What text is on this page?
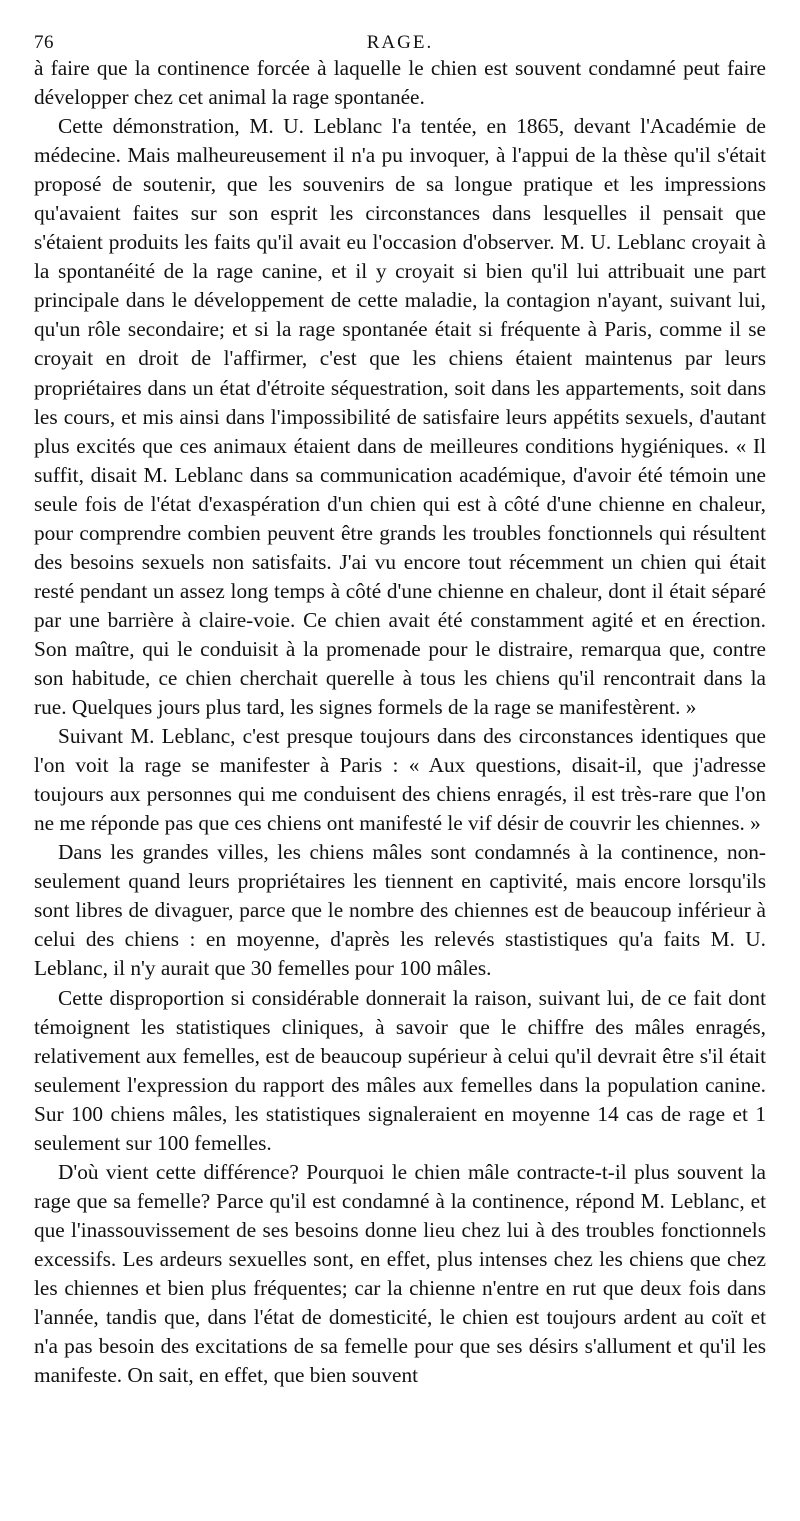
76	RAGE.

à faire que la continence forcée à laquelle le chien est souvent condamné peut faire développer chez cet animal la rage spontanée.

Cette démonstration, M. U. Leblanc l'a tentée, en 1865, devant l'Académie de médecine. Mais malheureusement il n'a pu invoquer, à l'appui de la thèse qu'il s'était proposé de soutenir, que les souvenirs de sa longue pratique et les impressions qu'avaient faites sur son esprit les circonstances dans lesquelles il pensait que s'étaient produits les faits qu'il avait eu l'occasion d'observer. M. U. Leblanc croyait à la spontanéité de la rage canine, et il y croyait si bien qu'il lui attribuait une part principale dans le développement de cette maladie, la contagion n'ayant, suivant lui, qu'un rôle secondaire; et si la rage spontanée était si fréquente à Paris, comme il se croyait en droit de l'affirmer, c'est que les chiens étaient maintenus par leurs propriétaires dans un état d'étroite séquestration, soit dans les appartements, soit dans les cours, et mis ainsi dans l'impossibilité de satisfaire leurs appétits sexuels, d'autant plus excités que ces animaux étaient dans de meilleures conditions hygiéniques. « Il suffit, disait M. Leblanc dans sa communication académique, d'avoir été témoin une seule fois de l'état d'exaspération d'un chien qui est à côté d'une chienne en chaleur, pour comprendre combien peuvent être grands les troubles fonctionnels qui résultent des besoins sexuels non satisfaits. J'ai vu encore tout récemment un chien qui était resté pendant un assez long temps à côté d'une chienne en chaleur, dont il était séparé par une barrière à claire-voie. Ce chien avait été constamment agité et en érection. Son maître, qui le conduisit à la promenade pour le distraire, remarqua que, contre son habitude, ce chien cherchait querelle à tous les chiens qu'il rencontrait dans la rue. Quelques jours plus tard, les signes formels de la rage se manifestèrent. »

Suivant M. Leblanc, c'est presque toujours dans des circonstances identiques que l'on voit la rage se manifester à Paris : « Aux questions, disait-il, que j'adresse toujours aux personnes qui me conduisent des chiens enragés, il est très-rare que l'on ne me réponde pas que ces chiens ont manifesté le vif désir de couvrir les chiennes. »

Dans les grandes villes, les chiens mâles sont condamnés à la continence, non-seulement quand leurs propriétaires les tiennent en captivité, mais encore lorsqu'ils sont libres de divaguer, parce que le nombre des chiennes est de beaucoup inférieur à celui des chiens : en moyenne, d'après les relevés stastistiques qu'a faits M. U. Leblanc, il n'y aurait que 30 femelles pour 100 mâles.

Cette disproportion si considérable donnerait la raison, suivant lui, de ce fait dont témoignent les statistiques cliniques, à savoir que le chiffre des mâles enragés, relativement aux femelles, est de beaucoup supérieur à celui qu'il devrait être s'il était seulement l'expression du rapport des mâles aux femelles dans la population canine. Sur 100 chiens mâles, les statistiques signaleraient en moyenne 14 cas de rage et 1 seulement sur 100 femelles.

D'où vient cette différence? Pourquoi le chien mâle contracte-t-il plus souvent la rage que sa femelle? Parce qu'il est condamné à la continence, répond M. Leblanc, et que l'inassouvissement de ses besoins donne lieu chez lui à des troubles fonctionnels excessifs. Les ardeurs sexuelles sont, en effet, plus intenses chez les chiens que chez les chiennes et bien plus fréquentes; car la chienne n'entre en rut que deux fois dans l'année, tandis que, dans l'état de domesticité, le chien est toujours ardent au coït et n'a pas besoin des excitations de sa femelle pour que ses désirs s'allument et qu'il les manifeste. On sait, en effet, que bien souvent
